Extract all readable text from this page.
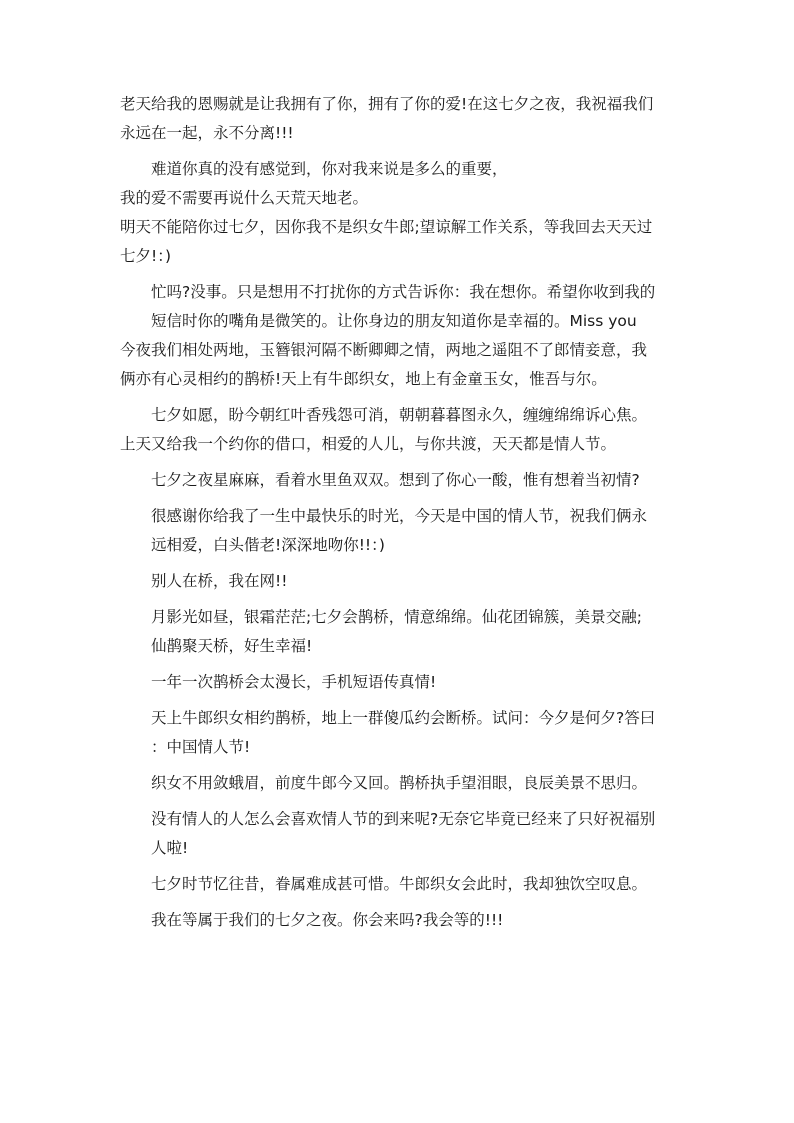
老天给我的恩赐就是让我拥有了你，拥有了你的爱!在这七夕之夜，我祝福我们
永远在一起，永不分离!!!

难道你真的没有感觉到，你对我来说是多么的重要，

我的爱不需要再说什么天荒天地老。

明天不能陪你过七夕，因你我不是织女牛郎;望谅解工作关系，等我回去天天过
七夕!：)

忙吗?没事。只是想用不打扰你的方式告诉你：我在想你。希望你收到我的
短信时你的嘴角是微笑的。让你身边的朋友知道你是幸福的。Miss you

今夜我们相处两地，玉簪银河隔不断卿卿之情，两地之遥阻不了郎情妾意，我
俩亦有心灵相约的鹊桥!天上有牛郎织女，地上有金童玉女，惟吾与尔。

七夕如愿，盼今朝红叶香残怨可消，朝朝暮暮图永久，缠缠绵绵诉心焦。

上天又给我一个约你的借口，相爱的人儿，与你共渡，天天都是情人节。

七夕之夜星麻麻，看着水里鱼双双。想到了你心一酸，惟有想着当初情?

很感谢你给我了一生中最快乐的时光，今天是中国的情人节，祝我们俩永
远相爱，白头偕老!深深地吻你!!：)

别人在桥，我在网!!

月影光如昼，银霜茫茫;七夕会鹊桥，情意绵绵。仙花团锦簇，美景交融;
仙鹊聚天桥，好生幸福!

一年一次鹊桥会太漫长，手机短语传真情!

天上牛郎织女相约鹊桥，地上一群傻瓜约会断桥。试问：今夕是何夕?答曰
：中国情人节!

织女不用敛蛾眉，前度牛郎今又回。鹊桥执手望泪眼，良辰美景不思归。

没有情人的人怎么会喜欢情人节的到来呢?无奈它毕竟已经来了只好祝福别
人啦!

七夕时节忆往昔，眷属难成甚可惜。牛郎织女会此时，我却独饮空叹息。

我在等属于我们的七夕之夜。你会来吗?我会等的!!!
